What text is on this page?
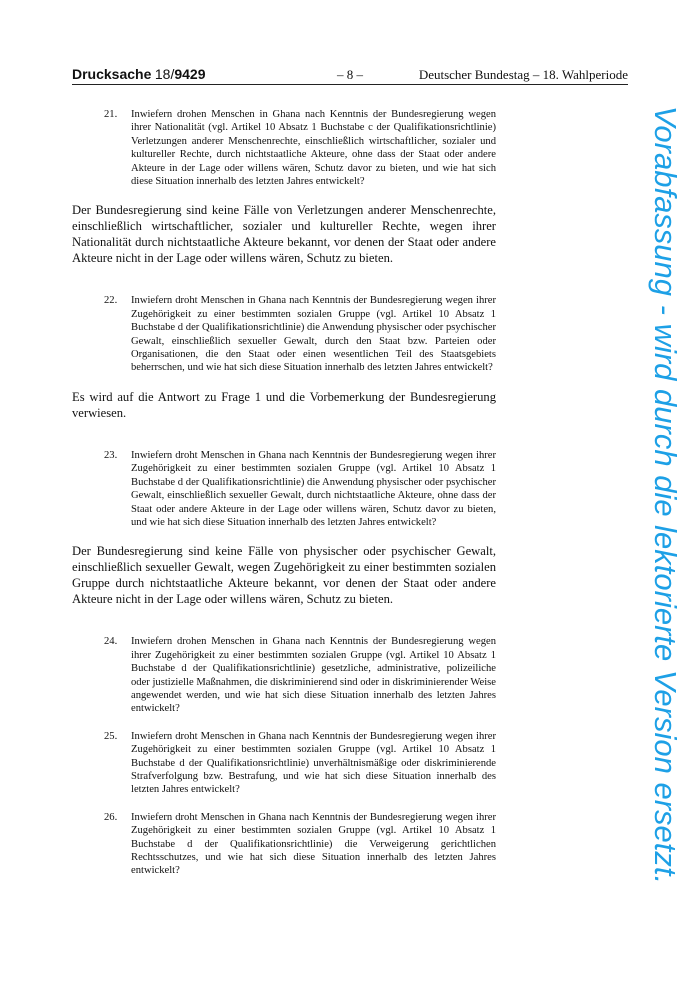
Drucksache 18/9429	– 8 –	Deutscher Bundestag – 18. Wahlperiode
21.	Inwiefern drohen Menschen in Ghana nach Kenntnis der Bundesregierung wegen ihrer Nationalität (vgl. Artikel 10 Absatz 1 Buchstabe c der Qualifikationsrichtlinie) Verletzungen anderer Menschenrechte, einschließlich wirtschaftlicher, sozialer und kultureller Rechte, durch nichtstaatliche Akteure, ohne dass der Staat oder andere Akteure in der Lage oder willens wären, Schutz davor zu bieten, und wie hat sich diese Situation innerhalb des letzten Jahres entwickelt?

Der Bundesregierung sind keine Fälle von Verletzungen anderer Menschenrechte, einschließlich wirtschaftlicher, sozialer und kultureller Rechte, wegen ihrer Nationalität durch nichtstaatliche Akteure bekannt, vor denen der Staat oder andere Akteure nicht in der Lage oder willens wären, Schutz zu bieten.

22.	Inwiefern droht Menschen in Ghana nach Kenntnis der Bundesregierung wegen ihrer Zugehörigkeit zu einer bestimmten sozialen Gruppe (vgl. Artikel 10 Absatz 1 Buchstabe d der Qualifikationsrichtlinie) die Anwendung physischer oder psychischer Gewalt, einschließlich sexueller Gewalt, durch den Staat bzw. Parteien oder Organisationen, die den Staat oder einen wesentlichen Teil des Staatsgebiets beherrschen, und wie hat sich diese Situation innerhalb des letzten Jahres entwickelt?

Es wird auf die Antwort zu Frage 1 und die Vorbemerkung der Bundesregierung verwiesen.

23.	Inwiefern droht Menschen in Ghana nach Kenntnis der Bundesregierung wegen ihrer Zugehörigkeit zu einer bestimmten sozialen Gruppe (vgl. Artikel 10 Absatz 1 Buchstabe d der Qualifikationsrichtlinie) die Anwendung physischer oder psychischer Gewalt, einschließlich sexueller Gewalt, durch nichtstaatliche Akteure, ohne dass der Staat oder andere Akteure in der Lage oder willens wären, Schutz davor zu bieten, und wie hat sich diese Situation innerhalb des letzten Jahres entwickelt?

Der Bundesregierung sind keine Fälle von physischer oder psychischer Gewalt, einschließlich sexueller Gewalt, wegen Zugehörigkeit zu einer bestimmten sozialen Gruppe durch nichtstaatliche Akteure bekannt, vor denen der Staat oder andere Akteure nicht in der Lage oder willens wären, Schutz zu bieten.

24.	Inwiefern drohen Menschen in Ghana nach Kenntnis der Bundesregierung wegen ihrer Zugehörigkeit zu einer bestimmten sozialen Gruppe (vgl. Artikel 10 Absatz 1 Buchstabe d der Qualifikationsrichtlinie) gesetzliche, administrative, polizeiliche oder justizielle Maßnahmen, die diskriminierend sind oder in diskriminierender Weise angewendet werden, und wie hat sich diese Situation innerhalb des letzten Jahres entwickelt?
25.	Inwiefern droht Menschen in Ghana nach Kenntnis der Bundesregierung wegen ihrer Zugehörigkeit zu einer bestimmten sozialen Gruppe (vgl. Artikel 10 Absatz 1 Buchstabe d der Qualifikationsrichtlinie) unverhältnismäßige oder diskriminierende Strafverfolgung bzw. Bestrafung, und wie hat sich diese Situation innerhalb des letzten Jahres entwickelt?
26.	Inwiefern droht Menschen in Ghana nach Kenntnis der Bundesregierung wegen ihrer Zugehörigkeit zu einer bestimmten sozialen Gruppe (vgl. Artikel 10 Absatz 1 Buchstabe d der Qualifikationsrichtlinie) die Verweigerung gerichtlichen Rechtsschutzes, und wie hat sich diese Situation innerhalb des letzten Jahres entwickelt?	Vorabfassung - wird durch die lektorierte Version ersetzt.
